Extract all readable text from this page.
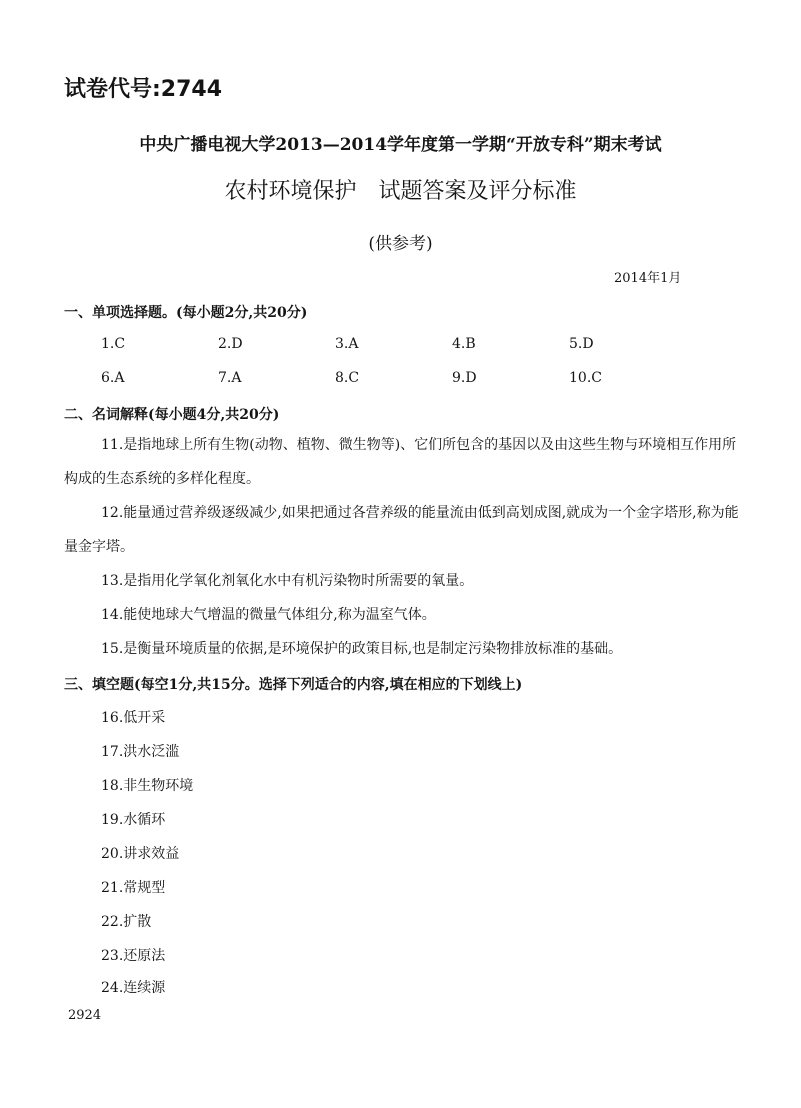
试卷代号:2744
中央广播电视大学2013—2014学年度第一学期“开放专科”期末考试
农村环境保护　试题答案及评分标准
(供参考)
2014年1月
一、单项选择题。(每小题2分,共20分)
1.C	2.D	3.A	4.B	5.D
6.A	7.A	8.C	9.D	10.C
二、名词解释(每小题4分,共20分)

11.是指地球上所有生物(动物、植物、微生物等)、它们所包含的基因以及由这些生物与环境相互作用所构成的生态系统的多样化程度。

12.能量通过营养级逐级减少,如果把通过各营养级的能量流由低到高划成图,就成为一个金字塔形,称为能量金字塔。

13.是指用化学氧化剂氧化水中有机污染物时所需要的氧量。

14.能使地球大气增温的微量气体组分,称为温室气体。

15.是衡量环境质量的依据,是环境保护的政策目标,也是制定污染物排放标准的基础。

三、填空题(每空1分,共15分。选择下列适合的内容,填在相应的下划线上)
16.低开采
17.洪水泛滥
18.非生物环境
19.水循环
20.讲求效益
21.常规型
22.扩散
23.还原法
24.连续源
2924
